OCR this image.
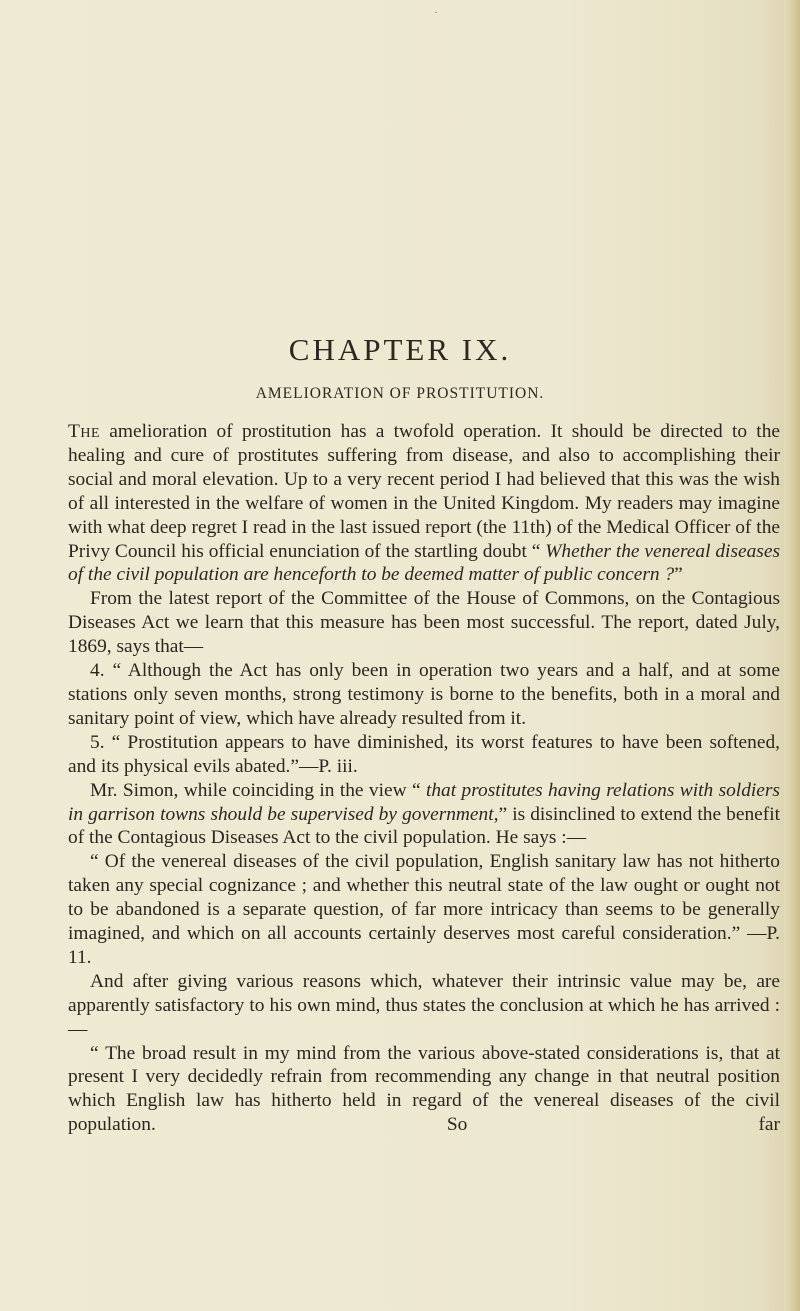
·
CHAPTER IX.
AMELIORATION OF PROSTITUTION.

The amelioration of prostitution has a twofold operation. It should be directed to the healing and cure of prostitutes suffering from disease, and also to accomplishing their social and moral elevation. Up to a very recent period I had believed that this was the wish of all interested in the welfare of women in the United Kingdom. My readers may imagine with what deep regret I read in the last issued report (the 11th) of the Medical Officer of the Privy Council his official enunciation of the startling doubt “ Whether the venereal diseases of the civil population are henceforth to be deemed matter of public concern ?”

From the latest report of the Committee of the House of Commons, on the Contagious Diseases Act we learn that this measure has been most successful. The report, dated July, 1869, says that—

4. “ Although the Act has only been in operation two years and a half, and at some stations only seven months, strong testimony is borne to the benefits, both in a moral and sanitary point of view, which have already resulted from it.

5. “ Prostitution appears to have diminished, its worst features to have been softened, and its physical evils abated.”—P. iii.

Mr. Simon, while coinciding in the view “ that prostitutes having relations with soldiers in garrison towns should be supervised by government,” is disinclined to extend the benefit of the Contagious Diseases Act to the civil population. He says :—

“ Of the venereal diseases of the civil population, English sanitary law has not hitherto taken any special cognizance ; and whether this neutral state of the law ought or ought not to be abandoned is a separate question, of far more intricacy than seems to be generally imagined, and which on all accounts certainly deserves most careful consideration.” —P. 11.

And after giving various reasons which, whatever their intrinsic value may be, are apparently satisfactory to his own mind, thus states the conclusion at which he has arrived :—

“ The broad result in my mind from the various above-stated considerations is, that at present I very decidedly refrain from recommending any change in that neutral position which English law has hitherto held in regard of the venereal diseases of the civil population. So far
